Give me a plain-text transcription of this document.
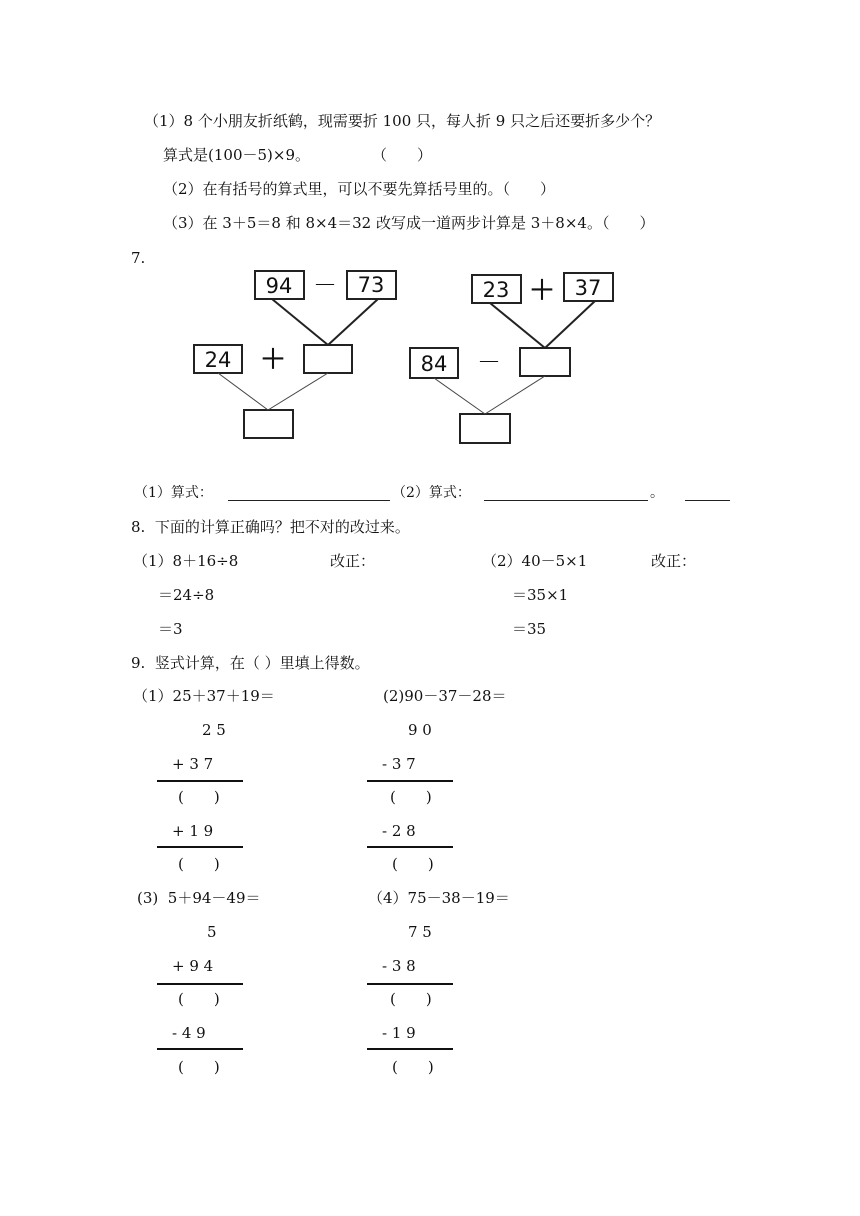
（1）8 个小朋友折纸鹤，现需要折 100 只，每人折 9 只之后还要折多少个？
算式是(100－5)×9。	（　　）
（2）在有括号的算式里，可以不要先算括号里的。（　　）
（3）在 3＋5＝8 和 8×4＝32 改写成一道两步计算是 3＋8×4。（　　）
7.
94 － 73
24 ＋
23 ＋ 37
84 －
（1）算式：	（2）算式：	。
8.  下面的计算正确吗？把不对的改过来。
（1）8＋16÷8	改正：
＝24÷8
＝3
（2）40－5×1	改正：
＝35×1
＝35
9.  竖式计算，在（ ）里填上得数。
（1）25＋37＋19＝
2 5
+ 3 7
(　　)
+ 1 9
(　　)
(2)90－37－28＝
9 0
- 3 7
(　　)
- 2 8
(　　)
(3)  5＋94－49＝
5
+ 9 4
(　　)
- 4 9
(　　)
（4）75－38－19＝
7 5
- 3 8
(　　)
- 1 9
(　　)
